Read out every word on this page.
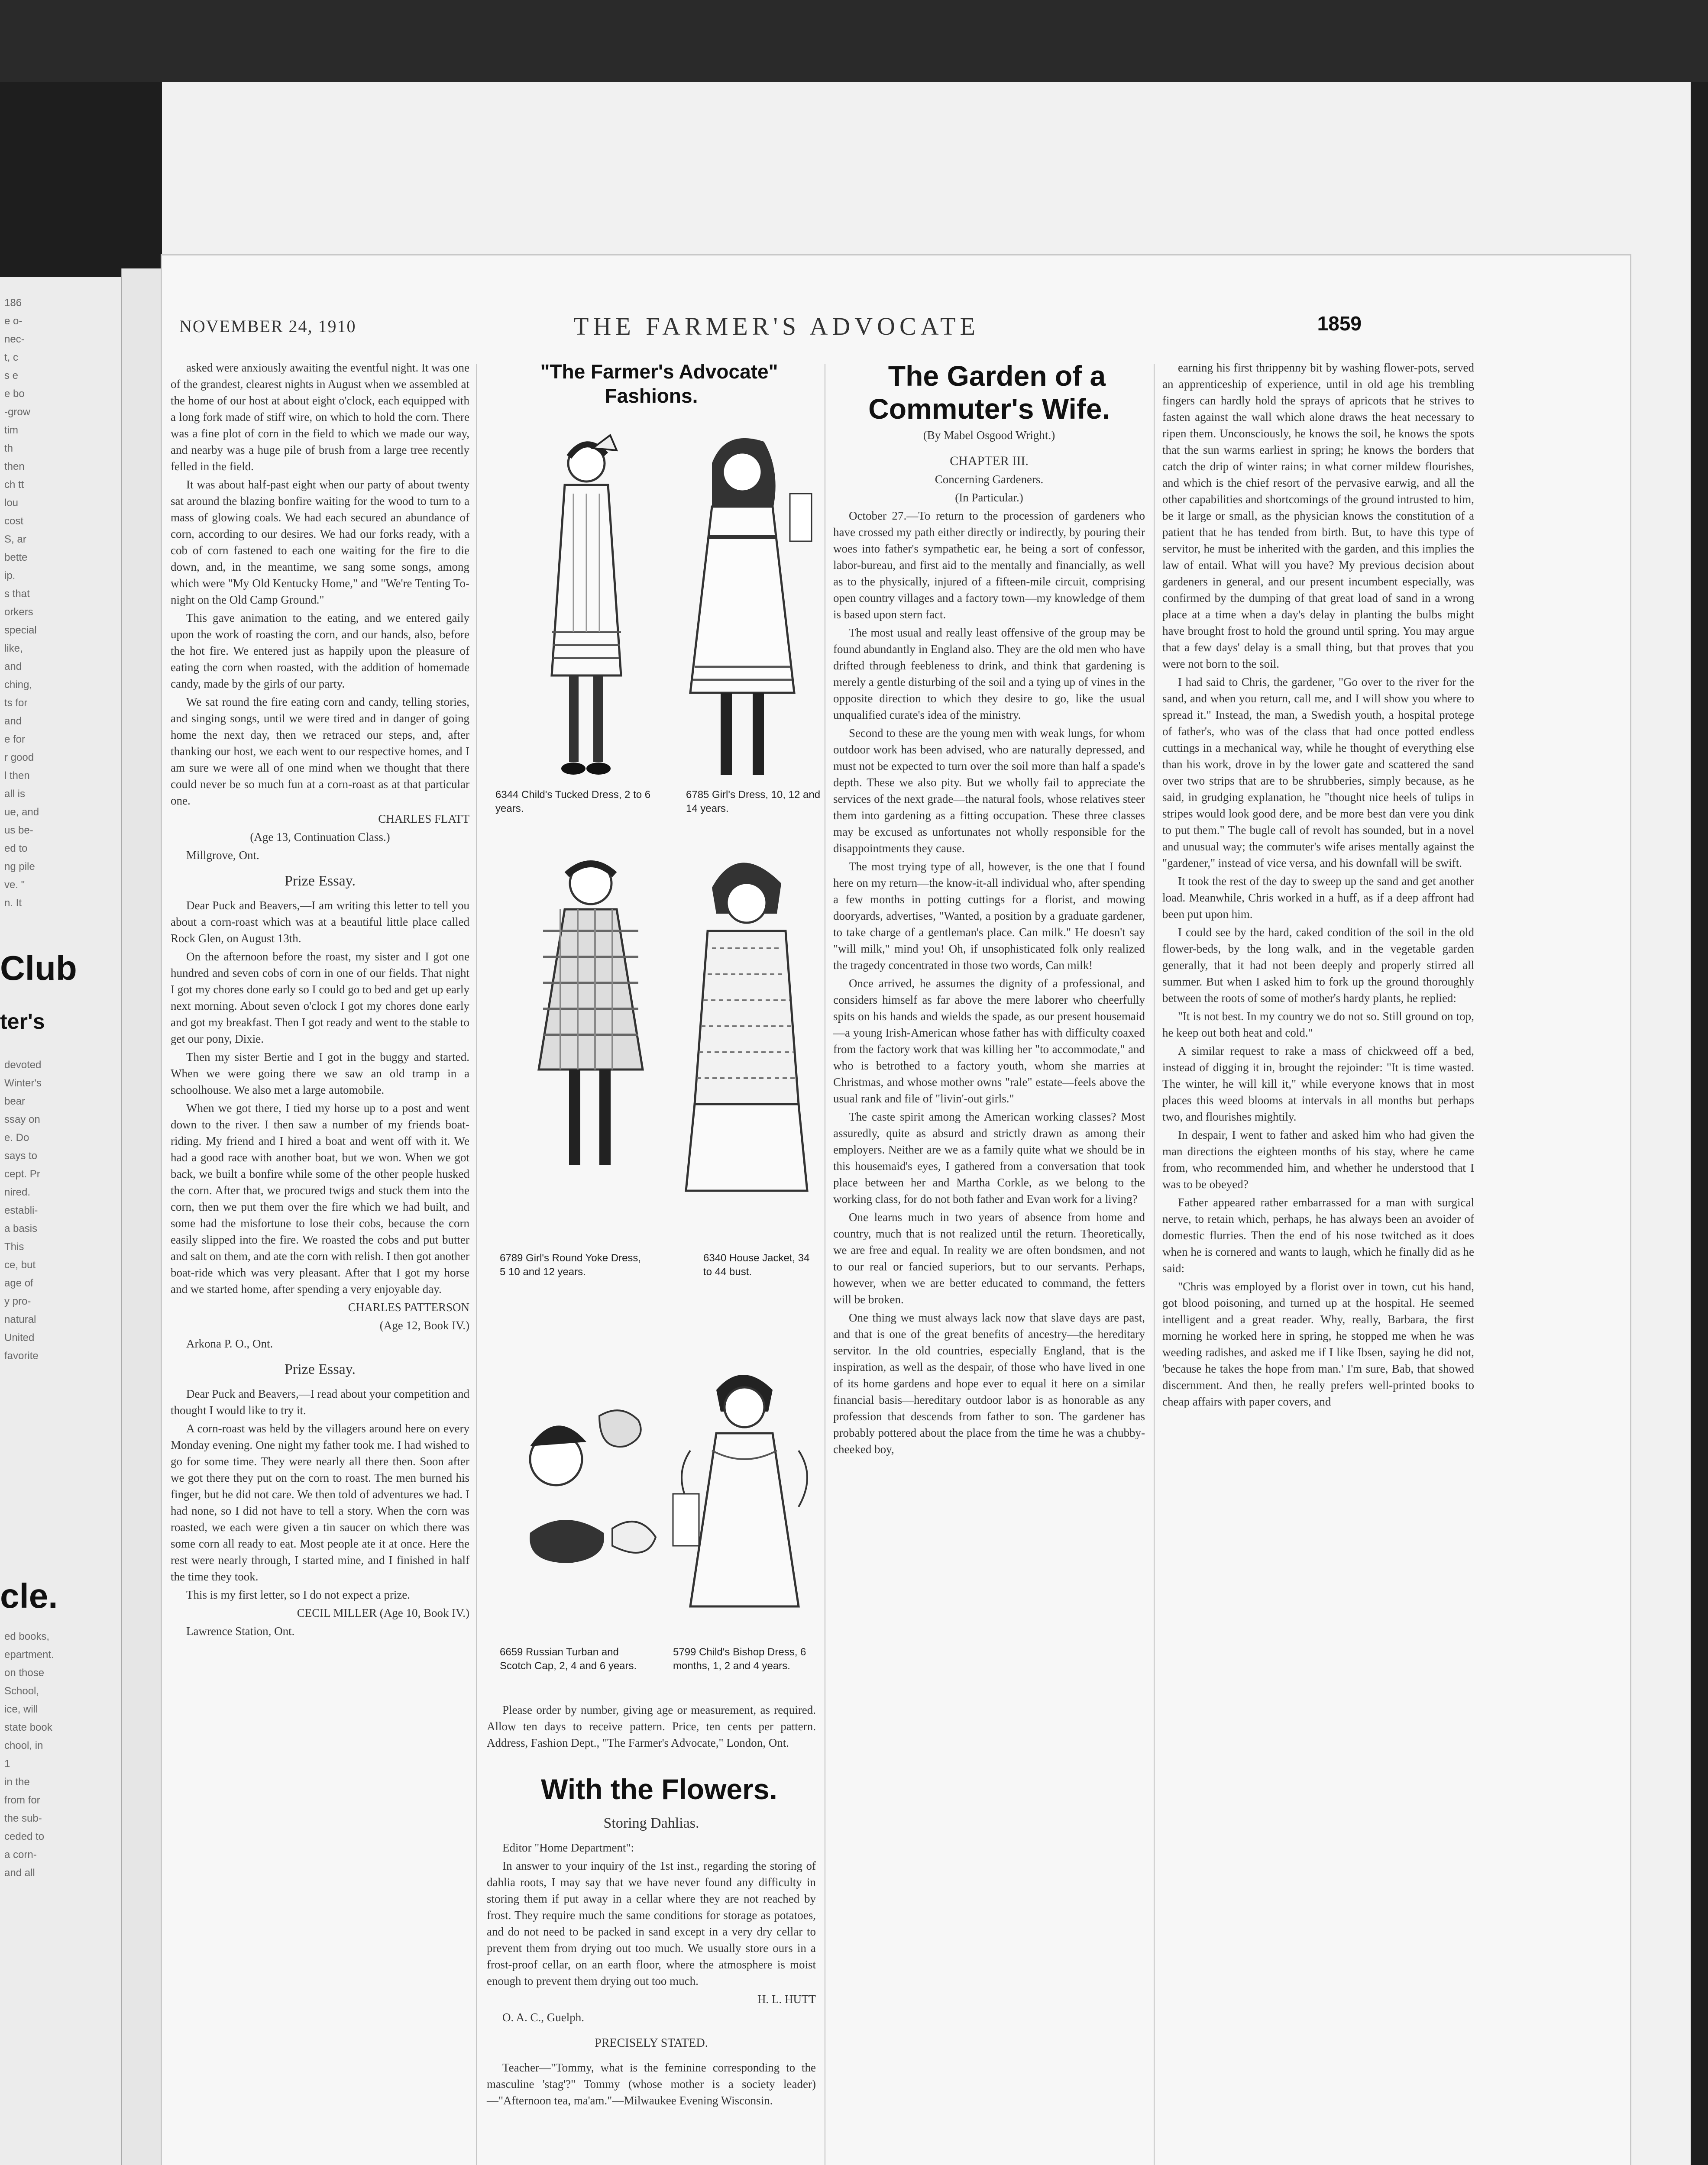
186
e o-
nec-
t, c
s e
e bo
-grow
tim
th
then
ch tt
lou
cost
S, ar
bette
ip.
s that
orkers
special
like,
and
ching,
ts for
and
e for
r good
l then
all is
ue, and
us be-
ed to
ng pile
ve. "
n. It
Club
ter's
devoted
Winter's
bear
ssay on
e. Do
says to
cept. Pr
nired.
establi-
a basis
This
ce, but
age of
y pro-
natural
United
favorite
cle.
ed books,
epartment.
on those
School,
ice, will
state book
chool, in
1
in the
from for
the sub-
ceded to
a corn-
and all
NOVEMBER 24, 1910	THE FARMER'S ADVOCATE	1859

asked were anxiously awaiting the eventful night. It was one of the grandest, clearest nights in August when we assembled at the home of our host at about eight o'clock, each equipped with a long fork made of stiff wire, on which to hold the corn. There was a fine plot of corn in the field to which we made our way, and nearby was a huge pile of brush from a large tree recently felled in the field.

It was about half-past eight when our party of about twenty sat around the blazing bonfire waiting for the wood to turn to a mass of glowing coals. We had each secured an abundance of corn, according to our desires. We had our forks ready, with a cob of corn fastened to each one waiting for the fire to die down, and, in the meantime, we sang some songs, among which were "My Old Kentucky Home," and "We're Tenting To-night on the Old Camp Ground."

This gave animation to the eating, and we entered gaily upon the work of roasting the corn, and our hands, also, before the hot fire. We entered just as happily upon the pleasure of eating the corn when roasted, with the addition of homemade candy, made by the girls of our party.

We sat round the fire eating corn and candy, telling stories, and singing songs, until we were tired and in danger of going home the next day, then we retraced our steps, and, after thanking our host, we each went to our respective homes, and I am sure we were all of one mind when we thought that there could never be so much fun at a corn-roast as at that particular one.

CHARLES FLATT

(Age 13, Continuation Class.)

Millgrove, Ont.

Prize Essay.

Dear Puck and Beavers,—I am writing this letter to tell you about a corn-roast which was at a beautiful little place called Rock Glen, on August 13th.

On the afternoon before the roast, my sister and I got one hundred and seven cobs of corn in one of our fields. That night I got my chores done early so I could go to bed and get up early next morning. About seven o'clock I got my chores done early and got my breakfast. Then I got ready and went to the stable to get our pony, Dixie.

Then my sister Bertie and I got in the buggy and started. When we were going there we saw an old tramp in a schoolhouse. We also met a large automobile.

When we got there, I tied my horse up to a post and went down to the river. I then saw a number of my friends boat-riding. My friend and I hired a boat and went off with it. We had a good race with another boat, but we won. When we got back, we built a bonfire while some of the other people husked the corn. After that, we procured twigs and stuck them into the corn, then we put them over the fire which we had built, and some had the misfortune to lose their cobs, because the corn easily slipped into the fire. We roasted the cobs and put butter and salt on them, and ate the corn with relish. I then got another boat-ride which was very pleasant. After that I got my horse and we started home, after spending a very enjoyable day.

CHARLES PATTERSON

(Age 12, Book IV.)

Arkona P. O., Ont.

Prize Essay.

Dear Puck and Beavers,—I read about your competition and thought I would like to try it.

A corn-roast was held by the villagers around here on every Monday evening. One night my father took me. I had wished to go for some time. They were nearly all there then. Soon after we got there they put on the corn to roast. The men burned his finger, but he did not care. We then told of adventures we had. I had none, so I did not have to tell a story. When the corn was roasted, we each were given a tin saucer on which there was some corn all ready to eat. Most people ate it at once. Here the rest were nearly through, I started mine, and I finished in half the time they took.

This is my first letter, so I do not expect a prize.

CECIL MILLER (Age 10, Book IV.)

Lawrence Station, Ont.

"The Farmer's Advocate" Fashions.

6344 Child's Tucked Dress, 2 to 6 years.
6785 Girl's Dress, 10, 12 and 14 years.
6789 Girl's Round Yoke Dress, 5 10 and 12 years.
6340 House Jacket, 34 to 44 bust.
6659 Russian Turban and Scotch Cap, 2, 4 and 6 years.
5799 Child's Bishop Dress, 6 months, 1, 2 and 4 years.

Please order by number, giving age or measurement, as required. Allow ten days to receive pattern. Price, ten cents per pattern. Address, Fashion Dept., "The Farmer's Advocate," London, Ont.

With the Flowers.

Storing Dahlias.

Editor "Home Department":

In answer to your inquiry of the 1st inst., regarding the storing of dahlia roots, I may say that we have never found any difficulty in storing them if put away in a cellar where they are not reached by frost. They require much the same conditions for storage as potatoes, and do not need to be packed in sand except in a very dry cellar to prevent them from drying out too much. We usually store ours in a frost-proof cellar, on an earth floor, where the atmosphere is moist enough to prevent them drying out too much.

H. L. HUTT

O. A. C., Guelph.

PRECISELY STATED.

Teacher—"Tommy, what is the feminine corresponding to the masculine 'stag'?" Tommy (whose mother is a society leader)—"Afternoon tea, ma'am."—Milwaukee Evening Wisconsin.

The Garden of a Commuter's Wife.

(By Mabel Osgood Wright.)

CHAPTER III.

Concerning Gardeners.

(In Particular.)

October 27.—To return to the procession of gardeners who have crossed my path either directly or indirectly, by pouring their woes into father's sympathetic ear, he being a sort of confessor, labor-bureau, and first aid to the mentally and financially, as well as to the physically, injured of a fifteen-mile circuit, comprising open country villages and a factory town—my knowledge of them is based upon stern fact.

The most usual and really least offensive of the group may be found abundantly in England also. They are the old men who have drifted through feebleness to drink, and think that gardening is merely a gentle disturbing of the soil and a tying up of vines in the opposite direction to which they desire to go, like the usual unqualified curate's idea of the ministry.

Second to these are the young men with weak lungs, for whom outdoor work has been advised, who are naturally depressed, and must not be expected to turn over the soil more than half a spade's depth. These we also pity. But we wholly fail to appreciate the services of the next grade—the natural fools, whose relatives steer them into gardening as a fitting occupation. These three classes may be excused as unfortunates not wholly responsible for the disappointments they cause.

The most trying type of all, however, is the one that I found here on my return—the know-it-all individual who, after spending a few months in potting cuttings for a florist, and mowing dooryards, advertises, "Wanted, a position by a graduate gardener, to take charge of a gentleman's place. Can milk." He doesn't say "will milk," mind you! Oh, if unsophisticated folk only realized the tragedy concentrated in those two words, Can milk!

Once arrived, he assumes the dignity of a professional, and considers himself as far above the mere laborer who cheerfully spits on his hands and wields the spade, as our present housemaid—a young Irish-American whose father has with difficulty coaxed from the factory work that was killing her "to accommodate," and who is betrothed to a factory youth, whom she marries at Christmas, and whose mother owns "rale" estate—feels above the usual rank and file of "livin'-out girls."

The caste spirit among the American working classes? Most assuredly, quite as absurd and strictly drawn as among their employers. Neither are we as a family quite what we should be in this housemaid's eyes, I gathered from a conversation that took place between her and Martha Corkle, as we belong to the working class, for do not both father and Evan work for a living?

One learns much in two years of absence from home and country, much that is not realized until the return. Theoretically, we are free and equal. In reality we are often bondsmen, and not to our real or fancied superiors, but to our servants. Perhaps, however, when we are better educated to command, the fetters will be broken.

One thing we must always lack now that slave days are past, and that is one of the great benefits of ancestry—the hereditary servitor. In the old countries, especially England, that is the inspiration, as well as the despair, of those who have lived in one of its home gardens and hope ever to equal it here on a similar financial basis—hereditary outdoor labor is as honorable as any profession that descends from father to son. The gardener has probably pottered about the place from the time he was a chubby-cheeked boy,

earning his first thrippenny bit by washing flower-pots, served an apprenticeship of experience, until in old age his trembling fingers can hardly hold the sprays of apricots that he strives to fasten against the wall which alone draws the heat necessary to ripen them. Unconsciously, he knows the soil, he knows the spots that the sun warms earliest in spring; he knows the borders that catch the drip of winter rains; in what corner mildew flourishes, and which is the chief resort of the pervasive earwig, and all the other capabilities and shortcomings of the ground intrusted to him, be it large or small, as the physician knows the constitution of a patient that he has tended from birth. But, to have this type of servitor, he must be inherited with the garden, and this implies the law of entail. What will you have? My previous decision about gardeners in general, and our present incumbent especially, was confirmed by the dumping of that great load of sand in a wrong place at a time when a day's delay in planting the bulbs might have brought frost to hold the ground until spring. You may argue that a few days' delay is a small thing, but that proves that you were not born to the soil.

I had said to Chris, the gardener, "Go over to the river for the sand, and when you return, call me, and I will show you where to spread it." Instead, the man, a Swedish youth, a hospital protege of father's, who was of the class that had once potted endless cuttings in a mechanical way, while he thought of everything else than his work, drove in by the lower gate and scattered the sand over two strips that are to be shrubberies, simply because, as he said, in grudging explanation, he "thought nice heels of tulips in stripes would look good dere, and be more best dan vere you dink to put them." The bugle call of revolt has sounded, but in a novel and unusual way; the commuter's wife arises mentally against the "gardener," instead of vice versa, and his downfall will be swift.

It took the rest of the day to sweep up the sand and get another load. Meanwhile, Chris worked in a huff, as if a deep affront had been put upon him.

I could see by the hard, caked condition of the soil in the old flower-beds, by the long walk, and in the vegetable garden generally, that it had not been deeply and properly stirred all summer. But when I asked him to fork up the ground thoroughly between the roots of some of mother's hardy plants, he replied:

"It is not best. In my country we do not so. Still ground on top, he keep out both heat and cold."

A similar request to rake a mass of chickweed off a bed, instead of digging it in, brought the rejoinder: "It is time wasted. The winter, he will kill it," while everyone knows that in most places this weed blooms at intervals in all months but perhaps two, and flourishes mightily.

In despair, I went to father and asked him who had given the man directions the eighteen months of his stay, where he came from, who recommended him, and whether he understood that I was to be obeyed?

Father appeared rather embarrassed for a man with surgical nerve, to retain which, perhaps, he has always been an avoider of domestic flurries. Then the end of his nose twitched as it does when he is cornered and wants to laugh, which he finally did as he said:

"Chris was employed by a florist over in town, cut his hand, got blood poisoning, and turned up at the hospital. He seemed intelligent and a great reader. Why, really, Barbara, the first morning he worked here in spring, he stopped me when he was weeding radishes, and asked me if I like Ibsen, saying he did not, 'because he takes the hope from man.' I'm sure, Bab, that showed discernment. And then, he really prefers well-printed books to cheap affairs with paper covers, and
